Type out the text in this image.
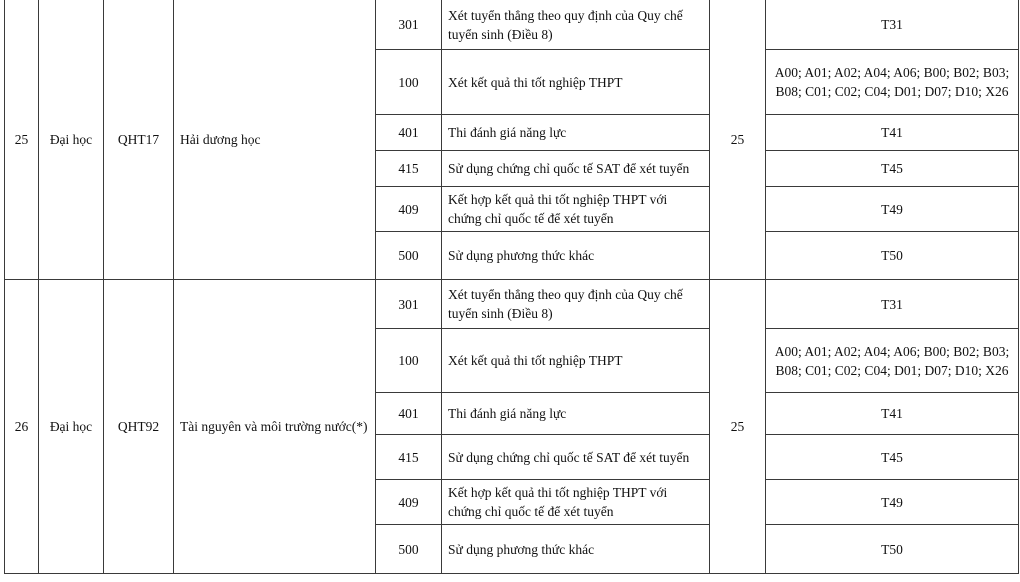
25	Đại học	QHT17	Hải dương học	301	Xét tuyển thẳng theo quy định của Quy chế tuyển sinh (Điều 8)	25	T31
				100	Xét kết quả thi tốt nghiệp THPT		A00; A01; A02; A04; A06; B00; B02; B03; B08; C01; C02; C04; D01; D07; D10; X26
				401	Thi đánh giá năng lực		T41
				415	Sử dụng chứng chỉ quốc tế SAT để xét tuyển		T45
				409	Kết hợp kết quả thi tốt nghiệp THPT với chứng chỉ quốc tế để xét tuyển		T49
				500	Sử dụng phương thức khác		T50
26	Đại học	QHT92	Tài nguyên và môi trường nước(*)	301	Xét tuyển thẳng theo quy định của Quy chế tuyển sinh (Điều 8)	25	T31
				100	Xét kết quả thi tốt nghiệp THPT		A00; A01; A02; A04; A06; B00; B02; B03; B08; C01; C02; C04; D01; D07; D10; X26
				401	Thi đánh giá năng lực		T41
				415	Sử dụng chứng chỉ quốc tế SAT để xét tuyển		T45
				409	Kết hợp kết quả thi tốt nghiệp THPT với chứng chỉ quốc tế để xét tuyển		T49
				500	Sử dụng phương thức khác		T50
